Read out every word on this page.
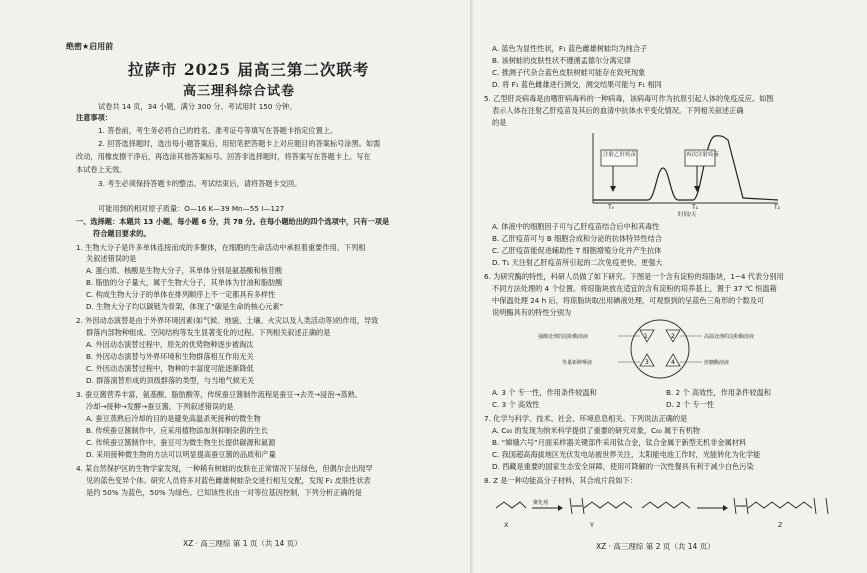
绝密★启用前
拉萨市 2025 届高三第二次联考
高三理科综合试卷
试卷共 14 页，34 小题，满分 300 分。考试用时 150 分钟。
注意事项：
1. 答卷前，考生务必将自己的姓名、准考证号等填写在答题卡指定位置上。
2. 回答选择题时，选出每小题答案后，用铅笔把答题卡上对应题目的答案标号涂黑。如需
改动，用橡皮擦干净后，再选涂其他答案标号。回答非选择题时，将答案写在答题卡上。写在
本试卷上无效。
3. 考生必须保持答题卡的整洁。考试结束后，请将答题卡交回。
可能用到的相对原子质量：O—16 K—39 Mn—55 I—127
一、选择题：本题共 13 小题，每小题 6 分，共 78 分。在每小题给出的四个选项中，只有一项是
符合题目要求的。
1. 生物大分子是许多单体连接而成的多聚体，在细胞的生命活动中承担着重要作用。下列相
关叙述错误的是
A. 蛋白质、核酸是生物大分子，其单体分别是氨基酸和核苷酸
B. 脂肪的分子量大，属于生物大分子，其单体为甘油和脂肪酸
C. 构成生物大分子的单体在排列顺序上不一定都具有多样性
D. 生物大分子均以碳链为骨架，体现了“碳是生命的核心元素”
2. 外因动态演替是由于外界环境因素(如气候、地貌、土壤、火灾以及人类活动等)的作用，导致
群落内部物种组成、空间结构等发生显著变化的过程。下列相关叙述正确的是
A. 外因动态演替过程中，原先的优势物种逐步被淘汰
B. 外因动态演替与外界环境和生物群落相互作用无关
C. 外因动态演替过程中，物种的丰富度可能逐渐降低
D. 群落演替形成的顶级群落的类型，与当地气候无关
3. 蚕豆酱营养丰富，氨基酸、脂肪酸等，传统蚕豆酱制作流程是蚕豆→去壳→浸泡→蒸熟、
冷却→接种→发酵→蚕豆酱。下列叙述错误的是
A. 蚕豆蒸熟后冷却的目的是避免高温杀死接种的微生物
B. 传统蚕豆酱制作中，应采用植物添加剂抑制杂菌的生长
C. 传统蚕豆酱制作中，蚕豆可为微生物生长提供碳源和氮源
D. 采用接种微生物的方法可以明显提高蚕豆酱的品质和产量
4. 某自然保护区的生物学家发现，一种稀有树蛙的皮肤在正常情况下呈绿色，但偶尔会出现罕
见的蓝色变异个体。研究人员将多对蓝色雌雄树蛙杂交进行相互交配，发现 F₁ 皮肤性状表
是约 50% 为蓝色，50% 为绿色。已知该性状由一对等位基因控制，下列分析正确的是
XZ · 高三理综 第 1 页（共 14 页）
A. 蓝色为显性性状，F₁ 蓝色雌雄树蛙均为纯合子
B. 该树蛙的皮肤性状不遵循孟德尔分离定律
C. 推测子代杂合蓝色皮肤树蛙可能存在致死现象
D. 将 F₁ 蓝色雌雄进行测交，测交结果可能与 F₁ 相同
5. 乙型肝炎病毒是由嗜肝病毒科的一种病毒，该病毒可作为抗原引起人体的免疫反应。如图
表示人体在注射乙肝疫苗及其后的血清中抗体水平变化情况。下列相关叙述正确
的是
注射乙肝疫苗	再次注射疫苗
T₀	T₁	T₂
时间/天
A. 体液中的细胞因子可与乙肝疫苗结合后中和其毒性
B. 乙肝疫苗可与 B 细胞合成和分泌的抗体特异性结合
C. 乙肝疫苗能促进辅助性 T 细胞增殖分化并产生抗体
D. T₁ 天注射乙肝疫苗所引起的二次免疫更快、更强大
6. 为研究酶的特性，科研人员做了如下研究。下图是一个含有淀粉的琼脂块，1~4 代表分别用
不同方法处理的 4 个位置。将琼脂块放在适宜的含有淀粉的培养基上，置于 37 ℃ 恒温箱
中保温处理 24 h 后，将琼脂块取出用碘液处理，可观察到的呈蓝色三角形的个数及可
说明酶具有的特性分别为
1	2
3	4
强酸处理的淀粉酶溶液	高温处理的淀粉酶溶液
等量新鲜唾液	蔗糖酶溶液
A. 3 个 专一性，作用条件较温和	B. 2 个 高效性，作用条件较温和
C. 3 个 高效性	D. 2 个 专一性
7. 化学与科学、技术、社会、环境息息相关。下列说法正确的是
A. C₆₀ 的发现为纳米科学提供了重要的研究对象，C₆₀ 属于有机物
B. “嫦娥六号”月面采样器关键部件采用钛合金，钛合金属于新型无机非金属材料
C. 我国超高海拔地区光伏发电站被世界关注，太阳能电池工作时，光能转化为化学能
D. 西藏是重要的国家生态安全屏障，使用可降解的一次性餐具有利于减少白色污染
8. Z 是一种功能高分子材料，其合成片段如下：
聚化剂
X	Y	Z
XZ · 高三理综 第 2 页（共 14 页）
